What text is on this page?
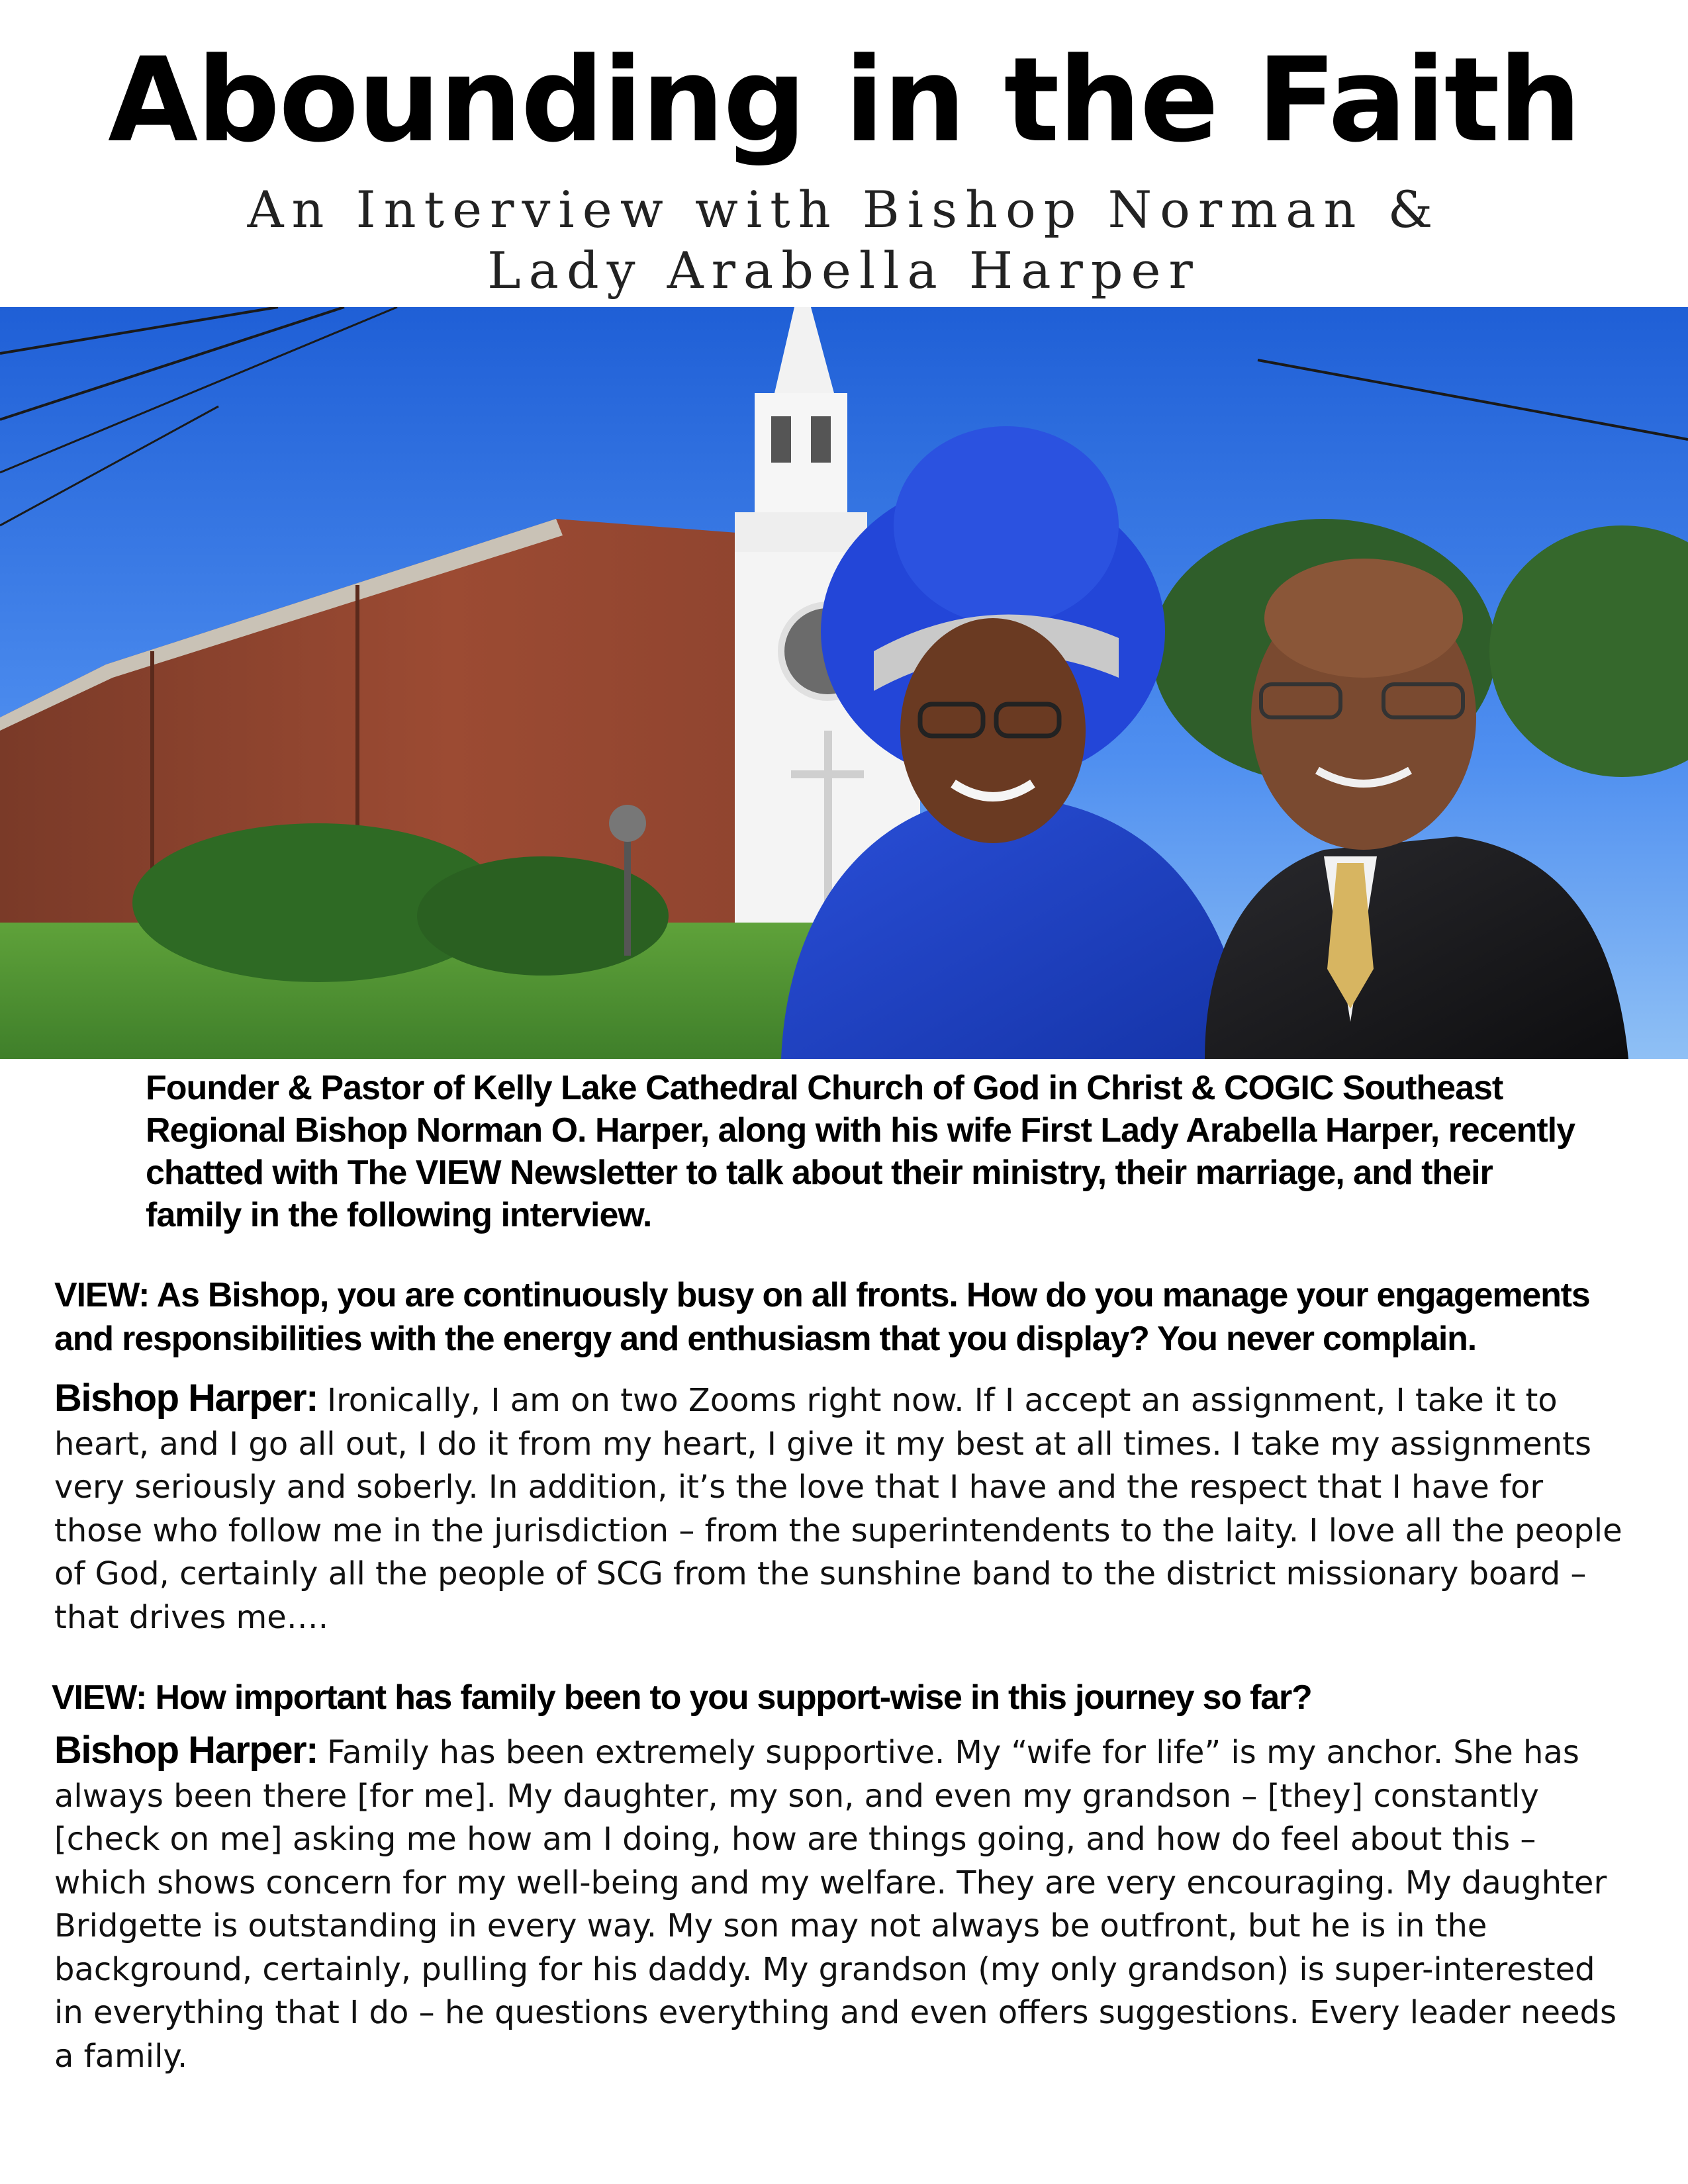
Abounding in the Faith
An Interview with Bishop Norman &
Lady Arabella Harper
Founder & Pastor of Kelly Lake Cathedral Church of God in Christ & COGIC Southeast Regional Bishop Norman O. Harper, along with his wife First Lady Arabella Harper, recently chatted with The VIEW Newsletter to talk about their ministry, their marriage, and their family in the following interview.
VIEW: As Bishop, you are continuously busy on all fronts. How do you manage your engagements and responsibilities with the energy and enthusiasm that you display? You never complain.
Bishop Harper: Ironically, I am on two Zooms right now. If I accept an assignment, I take it to heart, and I go all out, I do it from my heart, I give it my best at all times. I take my assignments very seriously and soberly. In addition, it’s the love that I have and the respect that I have for those who follow me in the jurisdiction – from the superintendents to the laity. I love all the people of God, certainly all the people of SCG from the sunshine band to the district missionary board – that drives me….
VIEW: How important has family been to you support-wise in this journey so far?
Bishop Harper: Family has been extremely supportive. My “wife for life” is my anchor. She has always been there [for me]. My daughter, my son, and even my grandson – [they] constantly [check on me] asking me how am I doing, how are things going, and how do feel about this – which shows concern for my well-being and my welfare. They are very encouraging. My daughter Bridgette is outstanding in every way. My son may not always be outfront, but he is in the background, certainly, pulling for his daddy. My grandson (my only grandson) is super-interested in everything that I do – he questions everything and even offers suggestions. Every leader needs a family.
